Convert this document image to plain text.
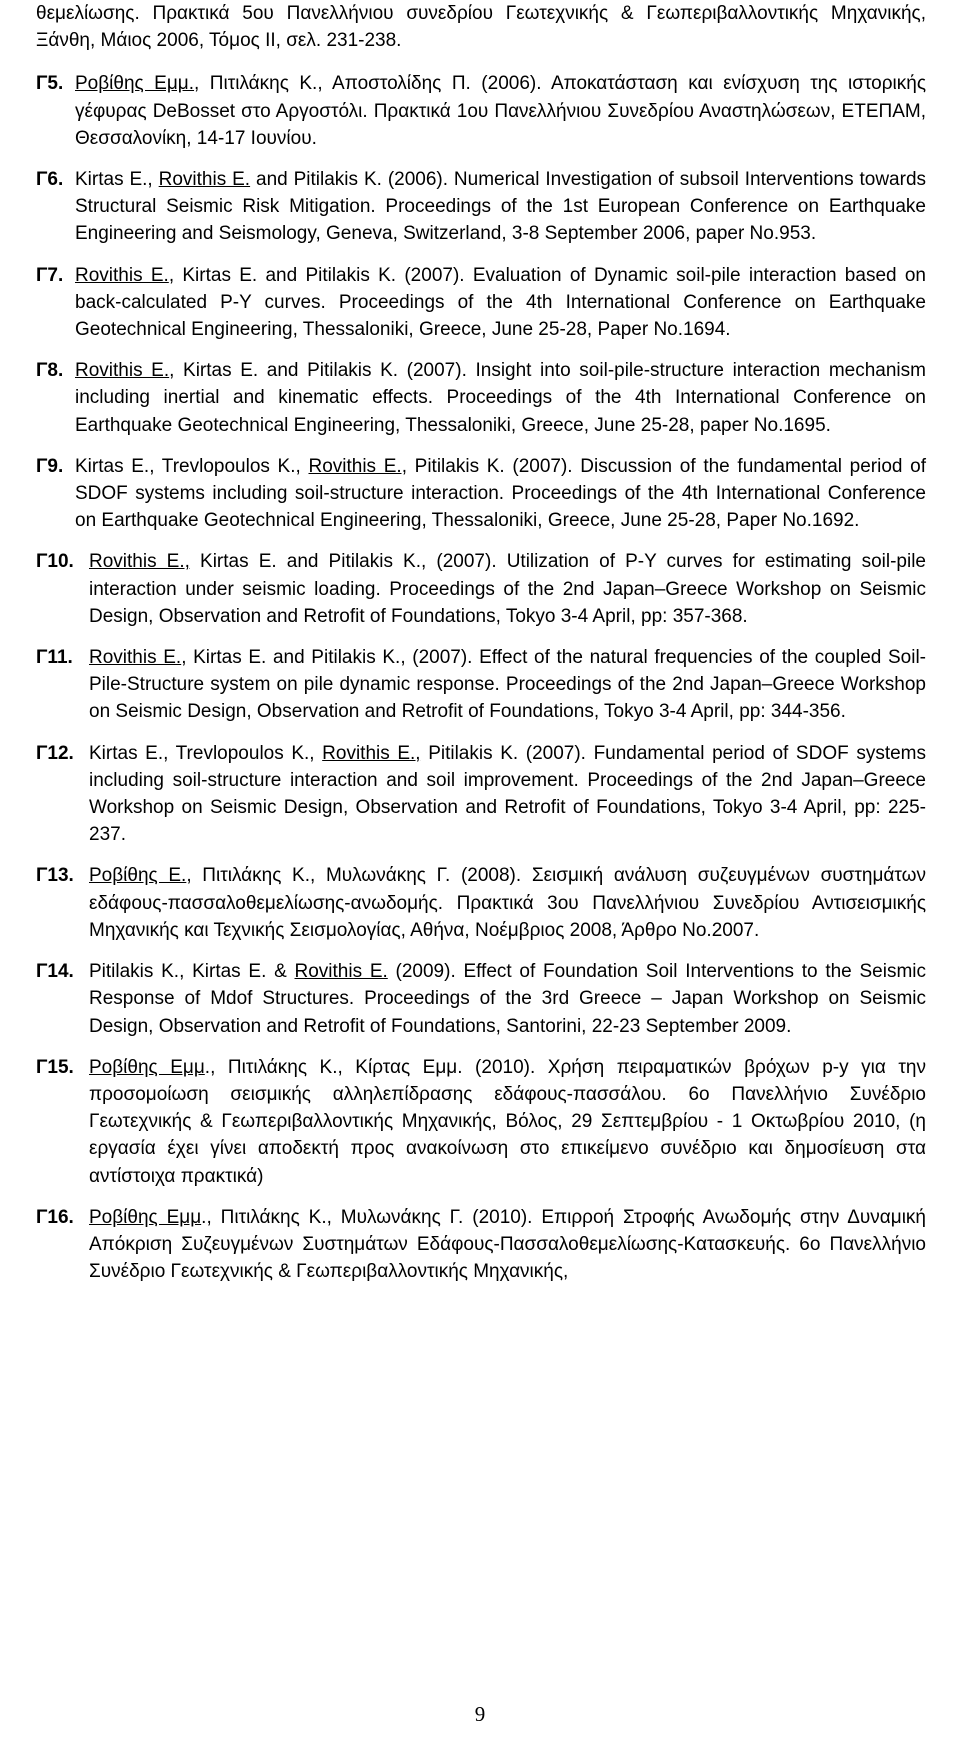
θεμελίωσης. Πρακτικά 5ου Πανελλήνιου συνεδρίου Γεωτεχνικής & Γεωπεριβαλλοντικής Μηχανικής, Ξάνθη, Μάιος 2006, Τόμος ΙΙ, σελ. 231-238.

Γ5. Ροβίθης Εμμ., Πιτιλάκης Κ., Αποστολίδης Π. (2006). Αποκατάσταση και ενίσχυση της ιστορικής γέφυρας DeBosset στο Αργοστόλι. Πρακτικά 1ου Πανελλήνιου Συνεδρίου Αναστηλώσεων, ΕΤΕΠΑΜ, Θεσσαλονίκη, 14-17 Ιουνίου.

Γ6. Kirtas E., Rovithis E. and Pitilakis K. (2006). Numerical Investigation of subsoil Interventions towards Structural Seismic Risk Mitigation. Proceedings of the 1st European Conference on Earthquake Engineering and Seismology, Geneva, Switzerland, 3-8 September 2006, paper No.953.

Γ7. Rovithis E., Kirtas E. and Pitilakis K. (2007). Evaluation of Dynamic soil-pile interaction based on back-calculated P-Y curves. Proceedings of the 4th International Conference on Earthquake Geotechnical Engineering, Thessaloniki, Greece, June 25-28, Paper No.1694.

Γ8. Rovithis E., Kirtas E. and Pitilakis K. (2007). Insight into soil-pile-structure interaction mechanism including inertial and kinematic effects. Proceedings of the 4th International Conference on Earthquake Geotechnical Engineering, Thessaloniki, Greece, June 25-28, paper No.1695.

Γ9. Kirtas E., Trevlopoulos K., Rovithis E., Pitilakis K. (2007). Discussion of the fundamental period of SDOF systems including soil-structure interaction. Proceedings of the 4th International Conference on Earthquake Geotechnical Engineering, Thessaloniki, Greece, June 25-28, Paper No.1692.

Γ10. Rovithis E., Kirtas E. and Pitilakis K., (2007). Utilization of P-Y curves for estimating soil-pile interaction under seismic loading. Proceedings of the 2nd Japan–Greece Workshop on Seismic Design, Observation and Retrofit of Foundations, Tokyo 3-4 April, pp: 357-368.

Γ11. Rovithis E., Kirtas E. and Pitilakis K., (2007). Effect of the natural frequencies of the coupled Soil-Pile-Structure system on pile dynamic response. Proceedings of the 2nd Japan–Greece Workshop on Seismic Design, Observation and Retrofit of Foundations, Tokyo 3-4 April, pp: 344-356.

Γ12. Kirtas E., Trevlopoulos K., Rovithis E., Pitilakis K. (2007). Fundamental period of SDOF systems including soil-structure interaction and soil improvement. Proceedings of the 2nd Japan–Greece Workshop on Seismic Design, Observation and Retrofit of Foundations, Tokyo 3-4 April, pp: 225-237.

Γ13. Ροβίθης Ε., Πιτιλάκης Κ., Μυλωνάκης Γ. (2008). Σεισμική ανάλυση συζευγμένων συστημάτων εδάφους-πασσαλοθεμελίωσης-ανωδομής. Πρακτικά 3ου Πανελλήνιου Συνεδρίου Αντισεισμικής Μηχανικής και Τεχνικής Σεισμολογίας, Αθήνα, Νοέμβριος 2008, Άρθρο No.2007.

Γ14. Pitilakis K., Kirtas E. & Rovithis E. (2009). Effect of Foundation Soil Interventions to the Seismic Response of Mdof Structures. Proceedings of the 3rd Greece – Japan Workshop on Seismic Design, Observation and Retrofit of Foundations, Santorini, 22-23 September 2009.

Γ15. Ροβίθης Εμμ., Πιτιλάκης Κ., Κίρτας Εμμ. (2010). Χρήση πειραματικών βρόχων p-y για την προσομοίωση σεισμικής αλληλεπίδρασης εδάφους-πασσάλου. 6ο Πανελλήνιο Συνέδριο Γεωτεχνικής & Γεωπεριβαλλοντικής Μηχανικής, Βόλος, 29 Σεπτεμβρίου - 1 Οκτωβρίου 2010, (η εργασία έχει γίνει αποδεκτή προς ανακοίνωση στο επικείμενο συνέδριο και δημοσίευση στα αντίστοιχα πρακτικά)

Γ16. Ροβίθης Εμμ., Πιτιλάκης Κ., Μυλωνάκης Γ. (2010). Επιρροή Στροφής Ανωδομής στην Δυναμική Απόκριση Συζευγμένων Συστημάτων Εδάφους-Πασσαλοθεμελίωσης-Κατασκευής. 6ο Πανελλήνιο Συνέδριο Γεωτεχνικής & Γεωπεριβαλλοντικής Μηχανικής,

9
